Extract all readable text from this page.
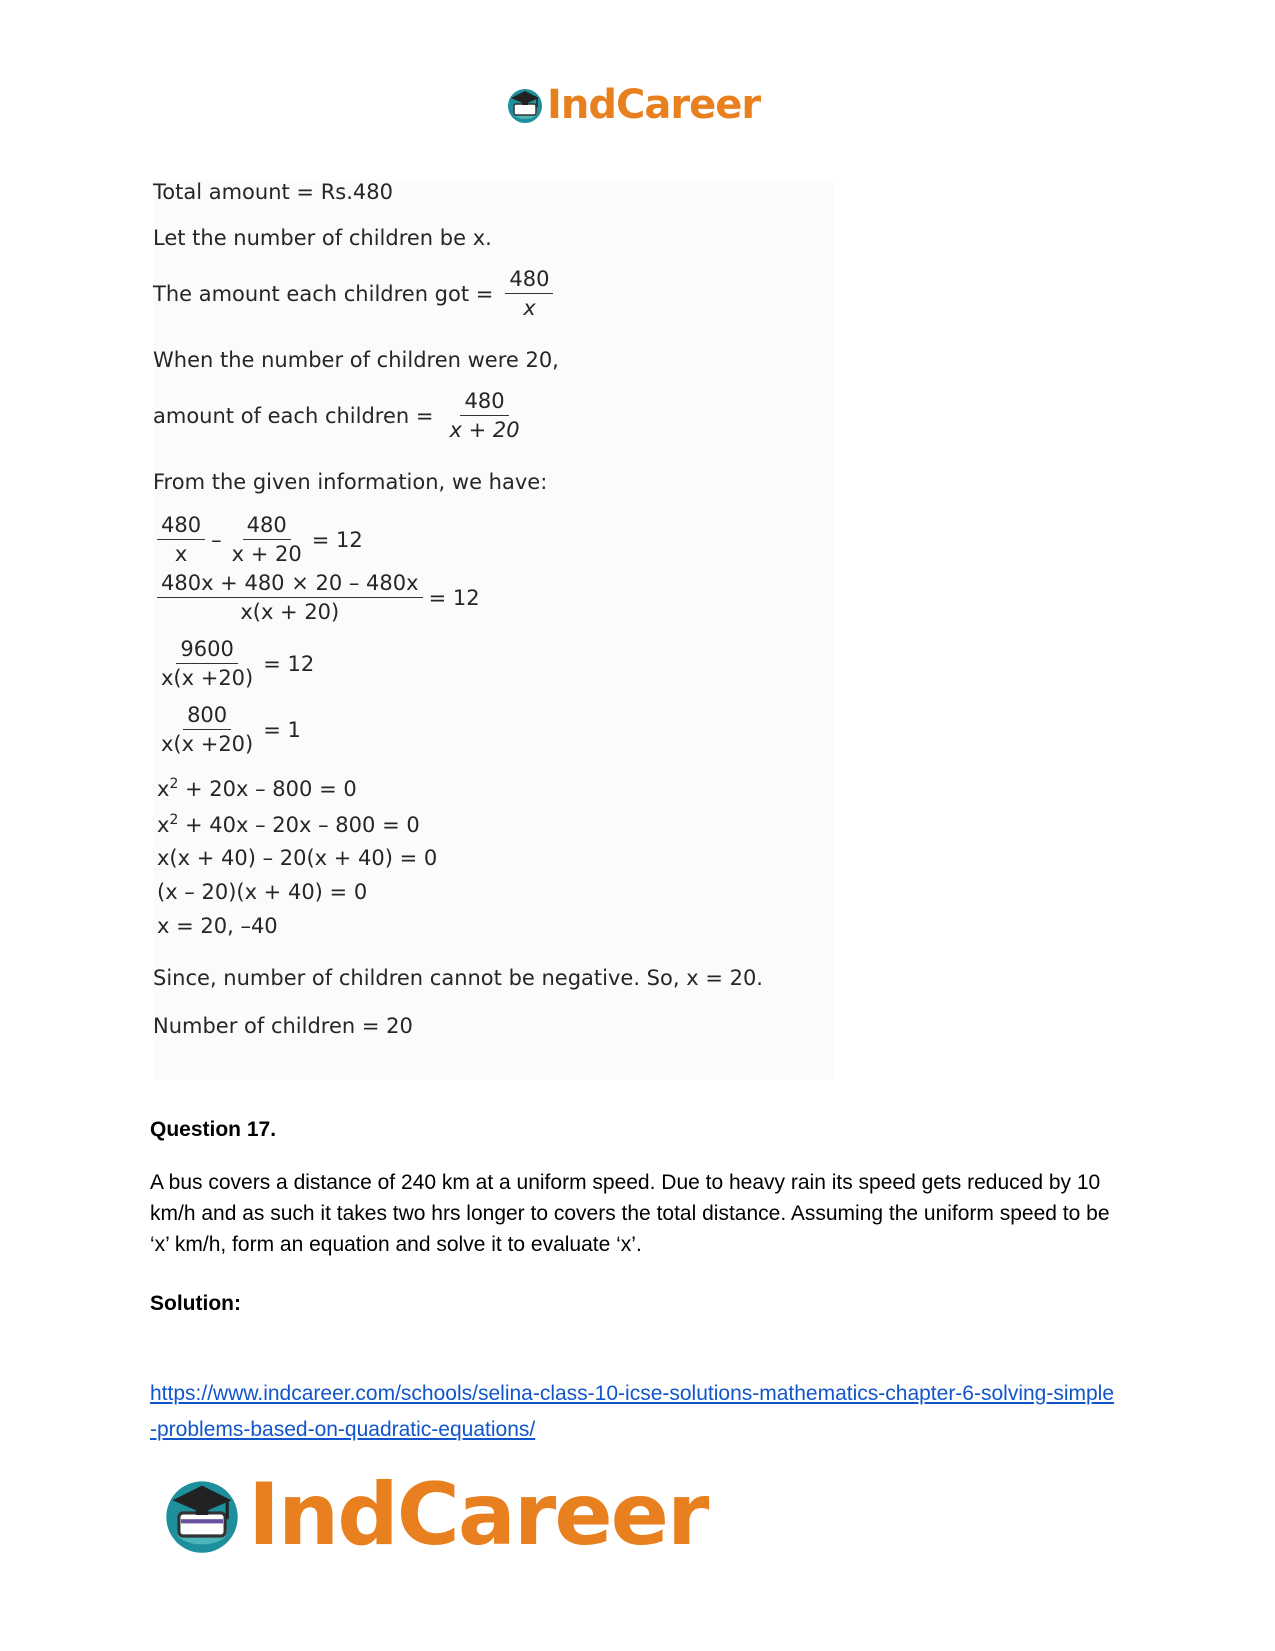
IndCareer
Total amount = Rs.480
Let the number of children be x.
The amount each children got = $\frac{480}{x}$
When the number of children were 20,
amount of each children = $\frac{480}{x + 20}$
From the given information, we have:
$\frac{480}{x} - \frac{480}{x + 20} = 12$
$\frac{480x + 480 \times 20 - 480x}{x(x + 20)} = 12$
$\frac{9600}{x(x +20)} = 12$
$\frac{800}{x(x +20)} = 1$
$x^2 + 20x - 800 = 0$
$x^2 + 40x - 20x - 800 = 0$
x(x + 40) – 20(x + 40) = 0
(x – 20)(x + 40) = 0
x = 20, –40
Since, number of children cannot be negative. So, x = 20.
Number of children = 20
Question 17.
A bus covers a distance of 240 km at a uniform speed. Due to heavy rain its speed gets reduced by 10 km/h and as such it takes two hrs longer to covers the total distance. Assuming the uniform speed to be ‘x’ km/h, form an equation and solve it to evaluate ‘x’.
Solution:
https://www.indcareer.com/schools/selina-class-10-icse-solutions-mathematics-chapter-6-solving-simple-problems-based-on-quadratic-equations/
IndCareer
